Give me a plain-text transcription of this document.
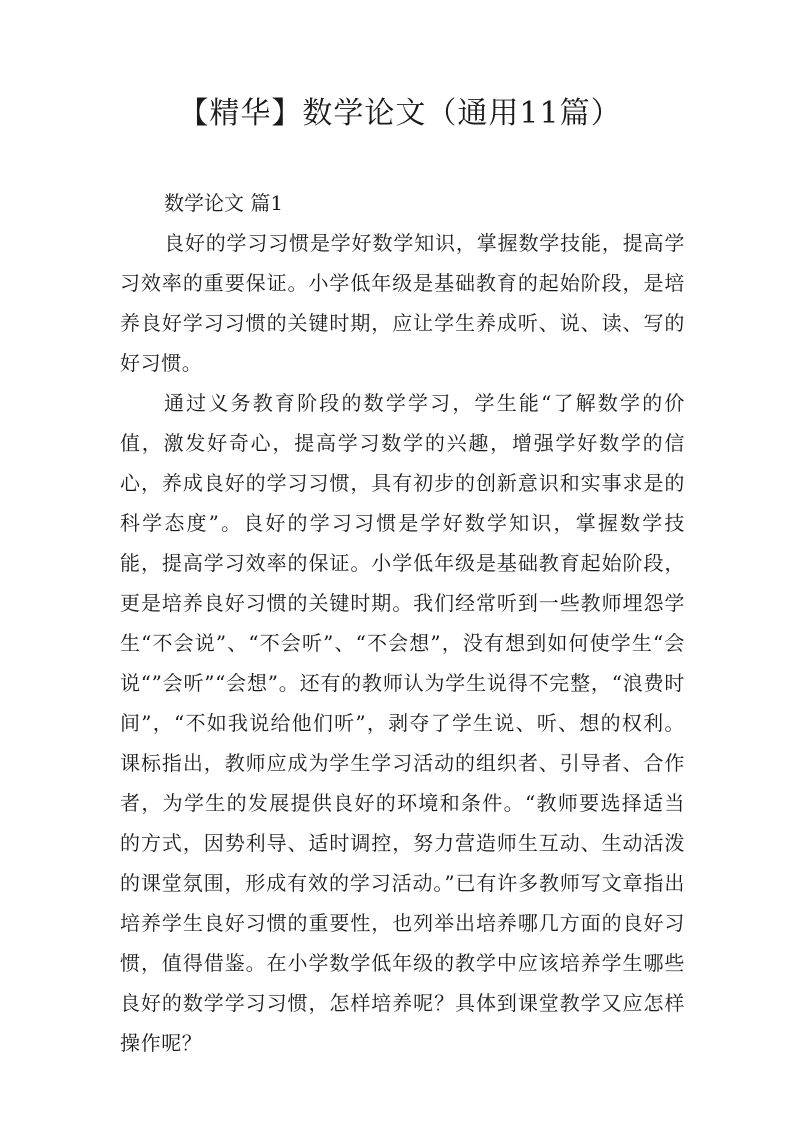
【精华】数学论文（通用11篇）
数学论文 篇1

良好的学习习惯是学好数学知识，掌握数学技能，提高学习效率的重要保证。小学低年级是基础教育的起始阶段，是培养良好学习习惯的关键时期，应让学生养成听、说、读、写的好习惯。

通过义务教育阶段的数学学习，学生能“了解数学的价值，激发好奇心，提高学习数学的兴趣，增强学好数学的信心，养成良好的学习习惯，具有初步的创新意识和实事求是的科学态度”。良好的学习习惯是学好数学知识，掌握数学技能，提高学习效率的保证。小学低年级是基础教育起始阶段，更是培养良好习惯的关键时期。我们经常听到一些教师埋怨学生“不会说”、“不会听”、“不会想”，没有想到如何使学生“会说“”会听”“会想”。还有的教师认为学生说得不完整，“浪费时间”，“不如我说给他们听”，剥夺了学生说、听、想的权利。课标指出，教师应成为学生学习活动的组织者、引导者、合作者，为学生的发展提供良好的环境和条件。“教师要选择适当的方式，因势利导、适时调控，努力营造师生互动、生动活泼的课堂氛围，形成有效的学习活动。”已有许多教师写文章指出培养学生良好习惯的重要性，也列举出培养哪几方面的良好习惯，值得借鉴。在小学数学低年级的教学中应该培养学生哪些良好的数学学习习惯，怎样培养呢？具体到课堂教学又应怎样操作呢？
